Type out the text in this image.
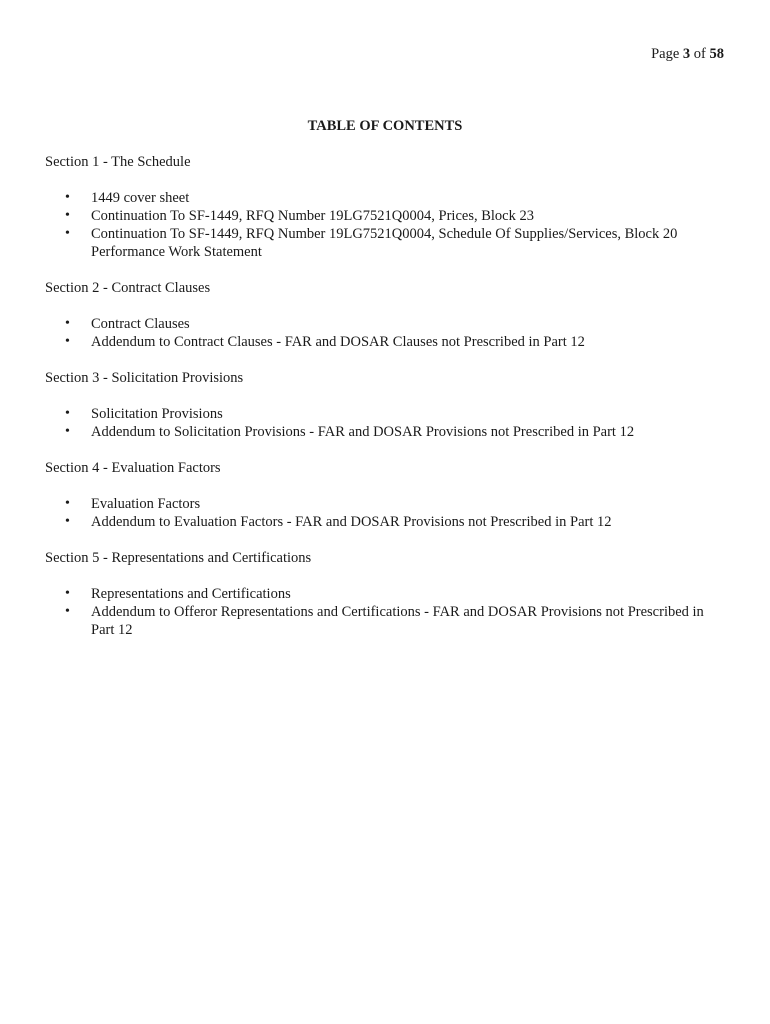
Page 3 of 58
TABLE OF CONTENTS

Section 1 - The Schedule

• 1449 cover sheet
• Continuation To SF-1449, RFQ Number 19LG7521Q0004, Prices, Block 23
• Continuation To SF-1449, RFQ Number 19LG7521Q0004, Schedule Of Supplies/Services, Block 20 Performance Work Statement

Section 2 - Contract Clauses

• Contract Clauses
• Addendum to Contract Clauses - FAR and DOSAR Clauses not Prescribed in Part 12

Section 3 - Solicitation Provisions

• Solicitation Provisions
• Addendum to Solicitation Provisions - FAR and DOSAR Provisions not Prescribed in Part 12

Section 4 - Evaluation Factors

• Evaluation Factors
• Addendum to Evaluation Factors - FAR and DOSAR Provisions not Prescribed in Part 12

Section 5 - Representations and Certifications

• Representations and Certifications
• Addendum to Offeror Representations and Certifications - FAR and DOSAR Provisions not Prescribed in Part 12
